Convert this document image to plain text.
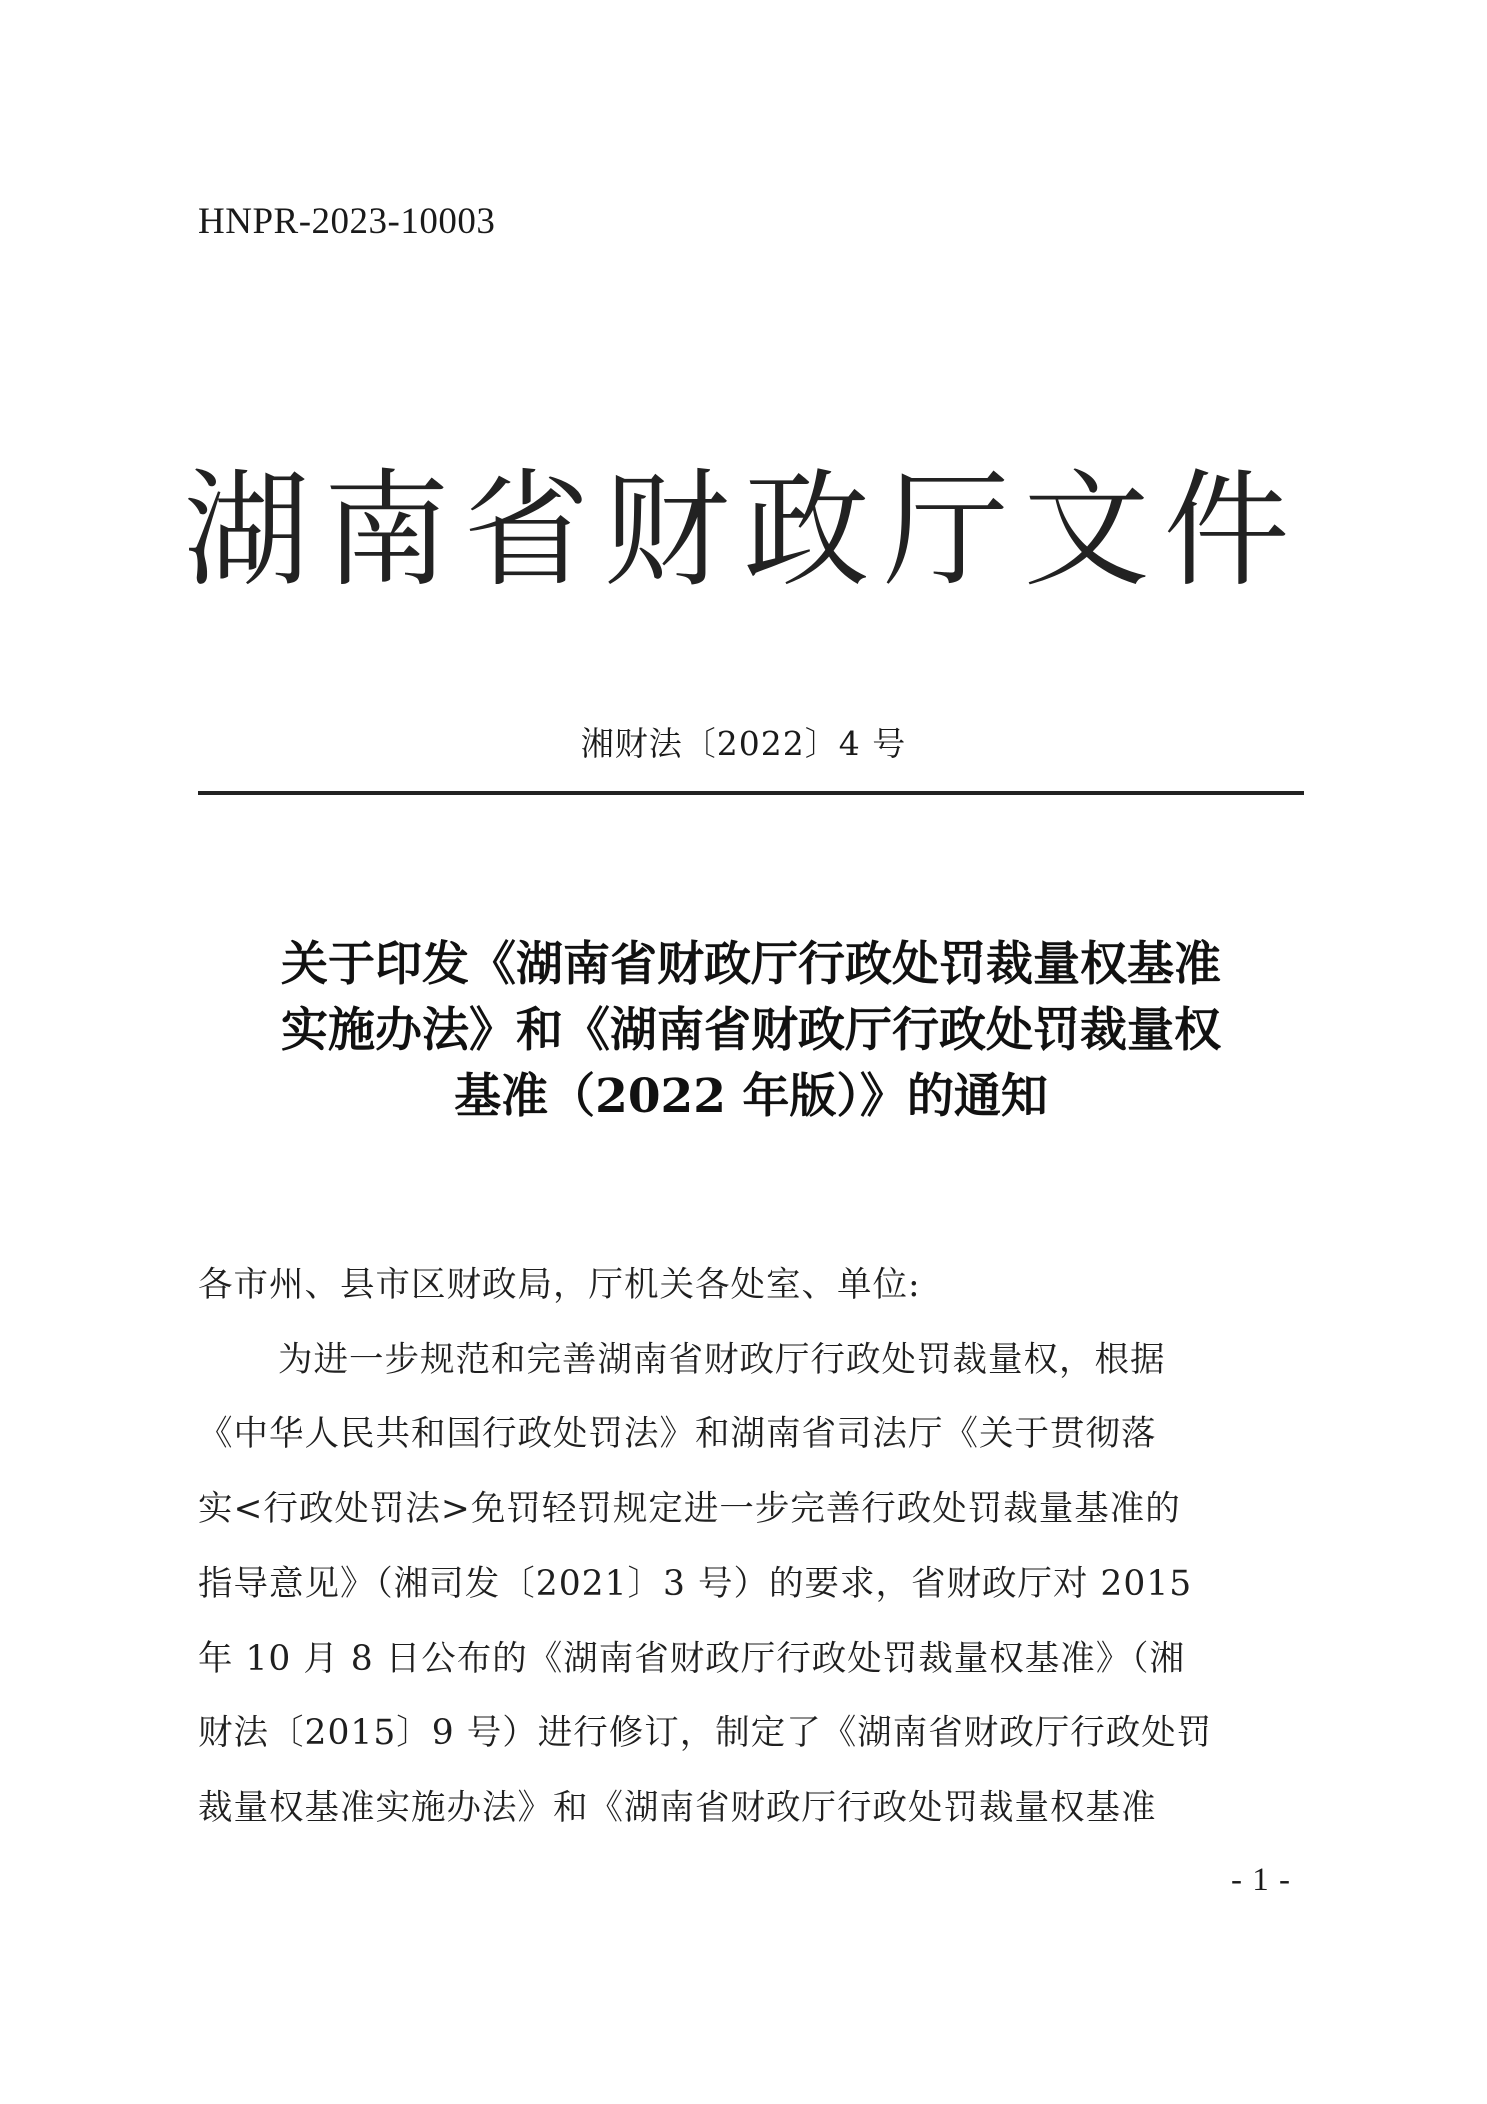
HNPR-2023-10003
湖南省财政厅文件
湘财法〔2022〕4 号
关于印发《湖南省财政厅行政处罚裁量权基准
实施办法》和《湖南省财政厅行政处罚裁量权
基准（2022 年版）》的通知
各市州、县市区财政局，厅机关各处室、单位:
为进一步规范和完善湖南省财政厅行政处罚裁量权，根据
《中华人民共和国行政处罚法》和湖南省司法厅《关于贯彻落
实<行政处罚法>免罚轻罚规定进一步完善行政处罚裁量基准的
指导意见》（湘司发〔2021〕3 号）的要求，省财政厅对 2015
年 10 月 8 日公布的《湖南省财政厅行政处罚裁量权基准》（湘
财法〔2015〕9 号）进行修订，制定了《湖南省财政厅行政处罚
裁量权基准实施办法》和《湖南省财政厅行政处罚裁量权基准
- 1 -
